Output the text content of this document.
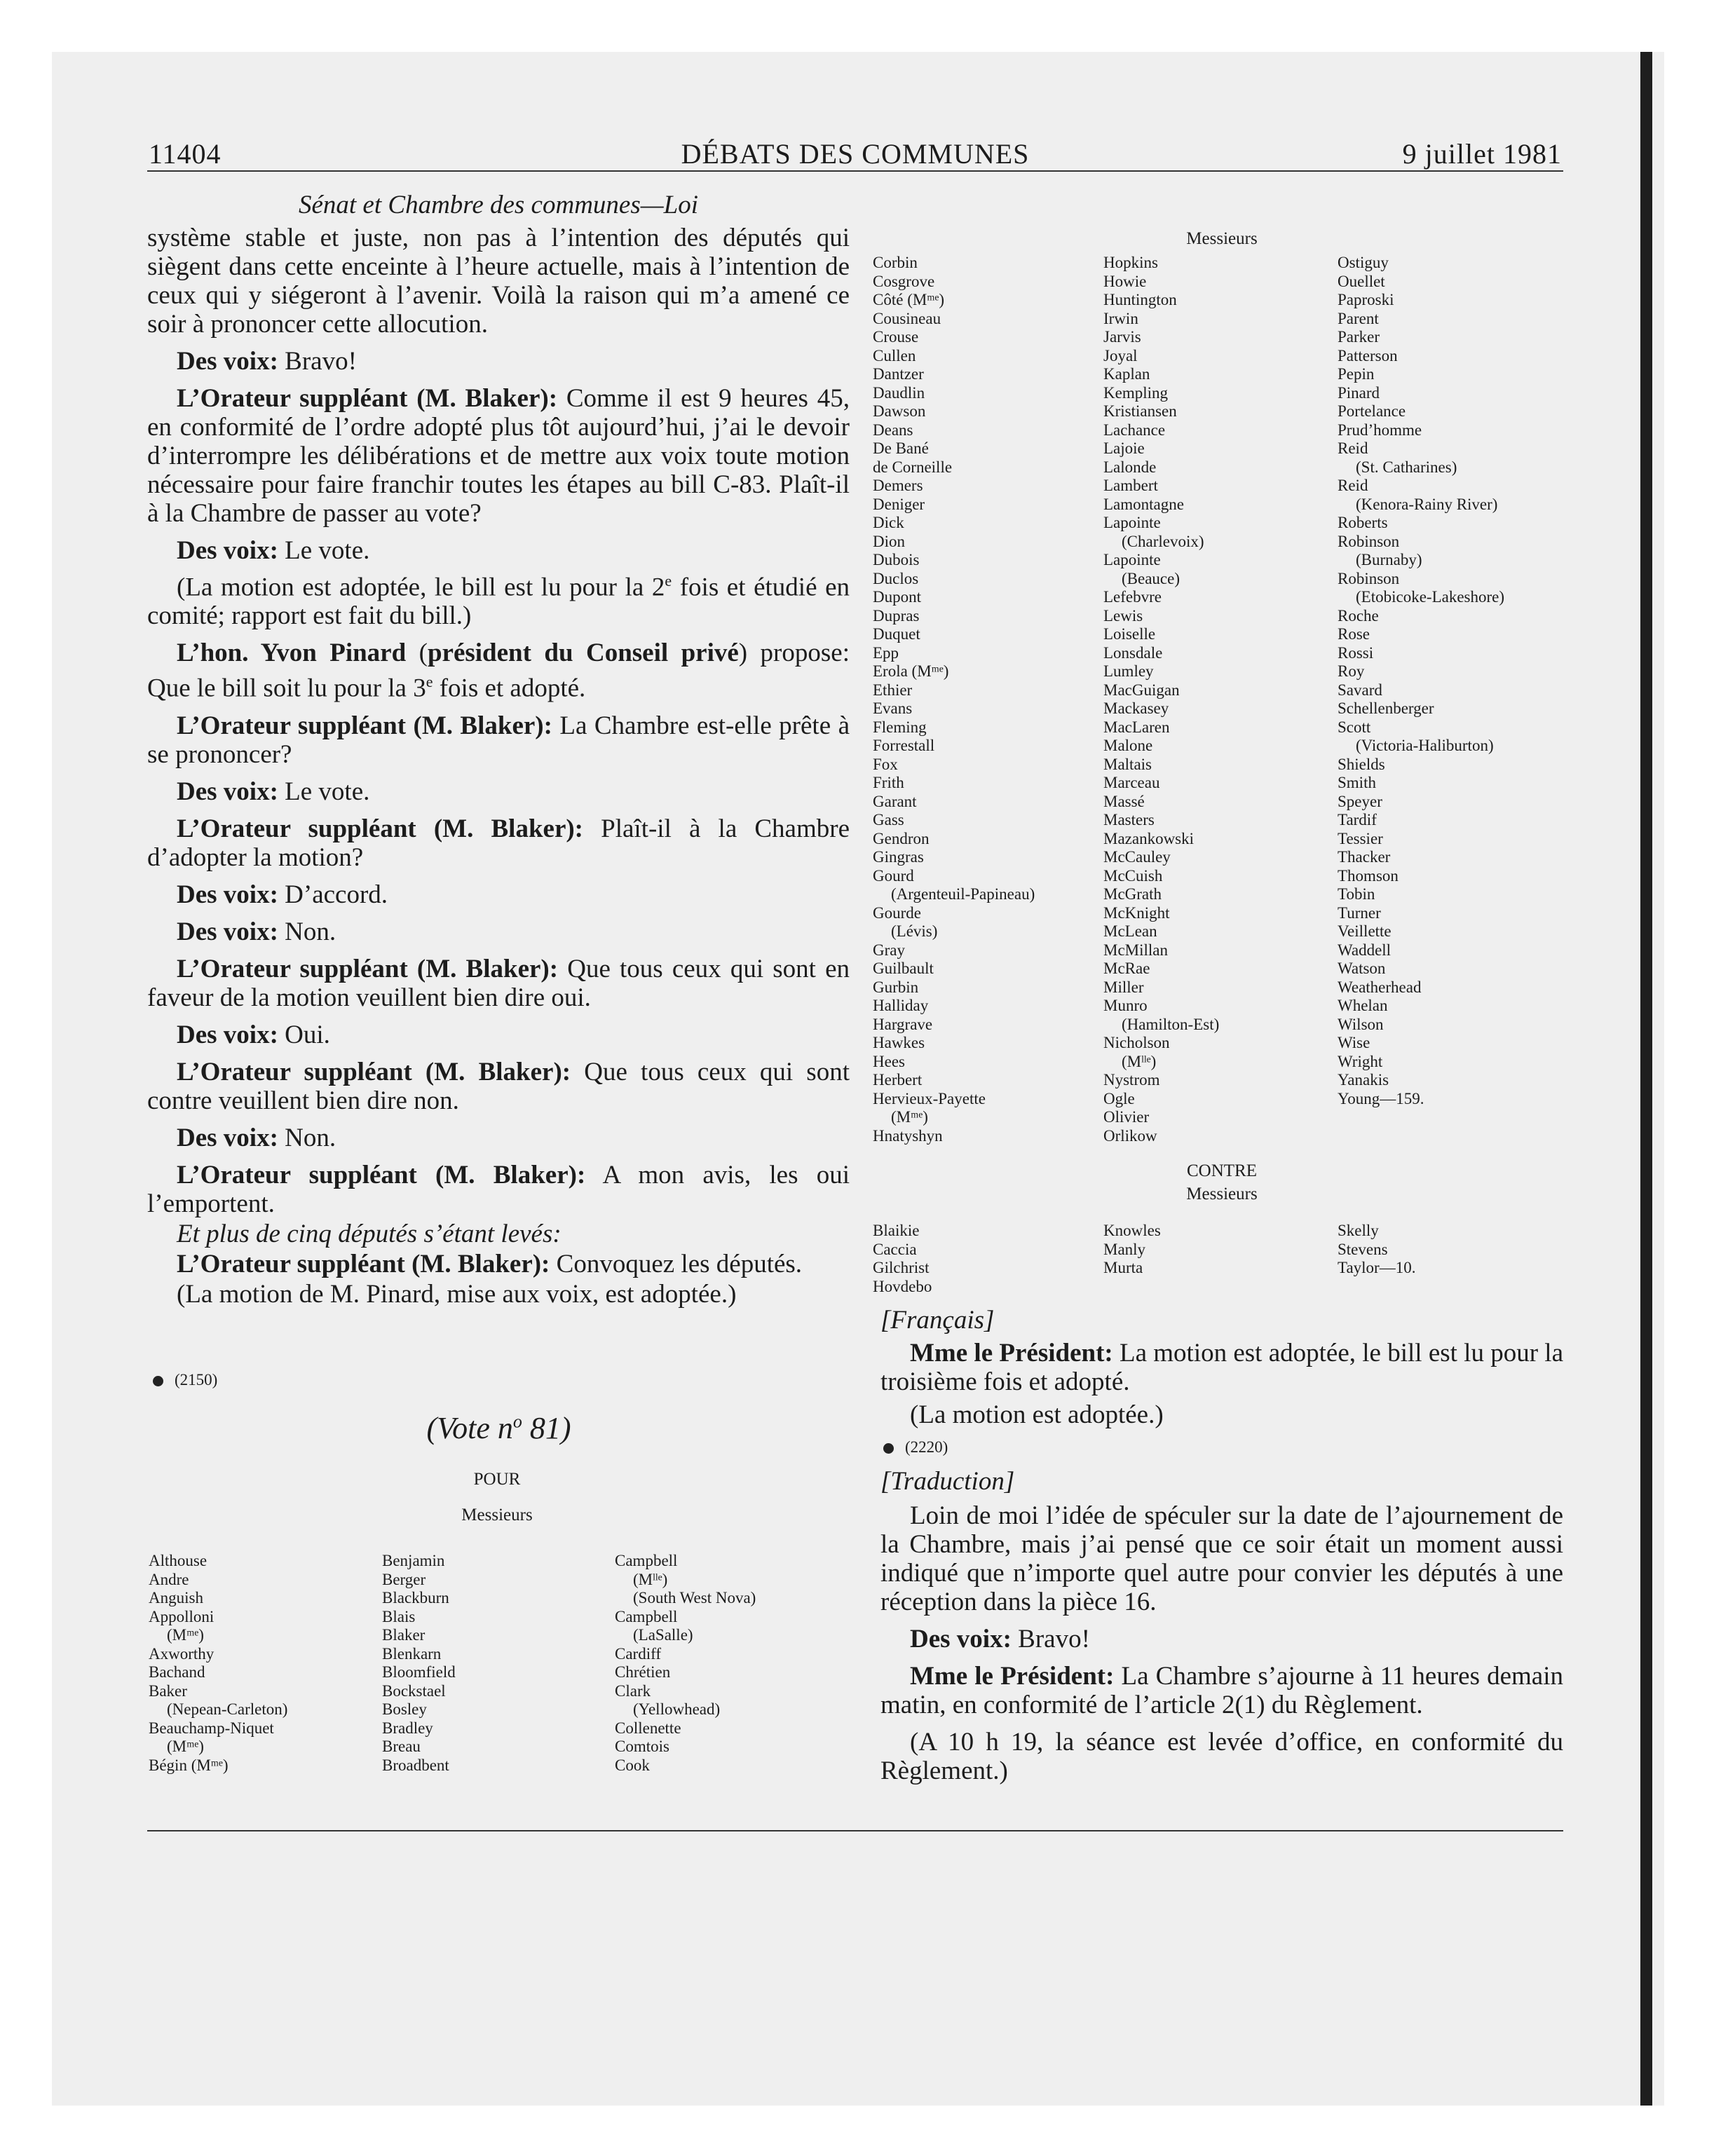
11404	DÉBATS DES COMMUNES	9 juillet 1981

Sénat et Chambre des communes—Loi

système stable et juste, non pas à l’intention des députés qui siègent dans cette enceinte à l’heure actuelle, mais à l’intention de ceux qui y siégeront à l’avenir. Voilà la raison qui m’a amené ce soir à prononcer cette allocution.

Des voix: Bravo!

L’Orateur suppléant (M. Blaker): Comme il est 9 heures 45, en conformité de l’ordre adopté plus tôt aujourd’hui, j’ai le devoir d’interrompre les délibérations et de mettre aux voix toute motion nécessaire pour faire franchir toutes les étapes au bill C-83. Plaît-il à la Chambre de passer au vote?

Des voix: Le vote.

(La motion est adoptée, le bill est lu pour la 2e fois et étudié en comité; rapport est fait du bill.)

L’hon. Yvon Pinard (président du Conseil privé) propose: Que le bill soit lu pour la 3e fois et adopté.

L’Orateur suppléant (M. Blaker): La Chambre est-elle prête à se prononcer?

Des voix: Le vote.

L’Orateur suppléant (M. Blaker): Plaît-il à la Chambre d’adopter la motion?

Des voix: D’accord.

Des voix: Non.

L’Orateur suppléant (M. Blaker): Que tous ceux qui sont en faveur de la motion veuillent bien dire oui.

Des voix: Oui.

L’Orateur suppléant (M. Blaker): Que tous ceux qui sont contre veuillent bien dire non.

Des voix: Non.

L’Orateur suppléant (M. Blaker): A mon avis, les oui l’emportent.

Et plus de cinq députés s’étant levés:

L’Orateur suppléant (M. Blaker): Convoquez les députés.

(La motion de M. Pinard, mise aux voix, est adoptée.)

(2150)
(Vote $n^o$ 81)
POUR
Messieurs
Althouse
Andre
Anguish
Appolloni
(Mᵐᵉ)
Axworthy
Bachand
Baker
(Nepean-Carleton)
Beauchamp-Niquet
(Mᵐᵉ)
Bégin (Mᵐᵉ)
Benjamin
Berger
Blackburn
Blais
Blaker
Blenkarn
Bloomfield
Bockstael
Bosley
Bradley
Breau
Broadbent
Campbell
(Mˡˡᵉ)
(South West Nova)
Campbell
(LaSalle)
Cardiff
Chrétien
Clark
(Yellowhead)
Collenette
Comtois
Cook
Messieurs
Corbin
Cosgrove
Côté (Mᵐᵉ)
Cousineau
Crouse
Cullen
Dantzer
Daudlin
Dawson
Deans
De Bané
de Corneille
Demers
Deniger
Dick
Dion
Dubois
Duclos
Dupont
Dupras
Duquet
Epp
Erola (Mᵐᵉ)
Ethier
Evans
Fleming
Forrestall
Fox
Frith
Garant
Gass
Gendron
Gingras
Gourd
(Argenteuil-Papineau)
Gourde
(Lévis)
Gray
Guilbault
Gurbin
Halliday
Hargrave
Hawkes
Hees
Herbert
Hervieux-Payette
(Mᵐᵉ)
Hnatyshyn
Hopkins
Howie
Huntington
Irwin
Jarvis
Joyal
Kaplan
Kempling
Kristiansen
Lachance
Lajoie
Lalonde
Lambert
Lamontagne
Lapointe
(Charlevoix)
Lapointe
(Beauce)
Lefebvre
Lewis
Loiselle
Lonsdale
Lumley
MacGuigan
Mackasey
MacLaren
Malone
Maltais
Marceau
Massé
Masters
Mazankowski
McCauley
McCuish
McGrath
McKnight
McLean
McMillan
McRae
Miller
Munro
(Hamilton-Est)
Nicholson
(Mˡˡᵉ)
Nystrom
Ogle
Olivier
Orlikow
Ostiguy
Ouellet
Paproski
Parent
Parker
Patterson
Pepin
Pinard
Portelance
Prud’homme
Reid
(St. Catharines)
Reid
(Kenora-Rainy River)
Roberts
Robinson
(Burnaby)
Robinson
(Etobicoke-Lakeshore)
Roche
Rose
Rossi
Roy
Savard
Schellenberger
Scott
(Victoria-Haliburton)
Shields
Smith
Speyer
Tardif
Tessier
Thacker
Thomson
Tobin
Turner
Veillette
Waddell
Watson
Weatherhead
Whelan
Wilson
Wise
Wright
Yanakis
Young—159.
CONTRE
Messieurs
Blaikie
Caccia
Gilchrist
Hovdebo
Knowles
Manly
Murta
Skelly
Stevens
Taylor—10.
[Français]

Mme le Président: La motion est adoptée, le bill est lu pour la troisième fois et adopté.

(La motion est adoptée.)

(2220)
[Traduction]

Loin de moi l’idée de spéculer sur la date de l’ajournement de la Chambre, mais j’ai pensé que ce soir était un moment aussi indiqué que n’importe quel autre pour convier les députés à une réception dans la pièce 16.

Des voix: Bravo!

Mme le Président: La Chambre s’ajourne à 11 heures demain matin, en conformité de l’article 2(1) du Règlement.

(A 10 h 19, la séance est levée d’office, en conformité du Règlement.)
